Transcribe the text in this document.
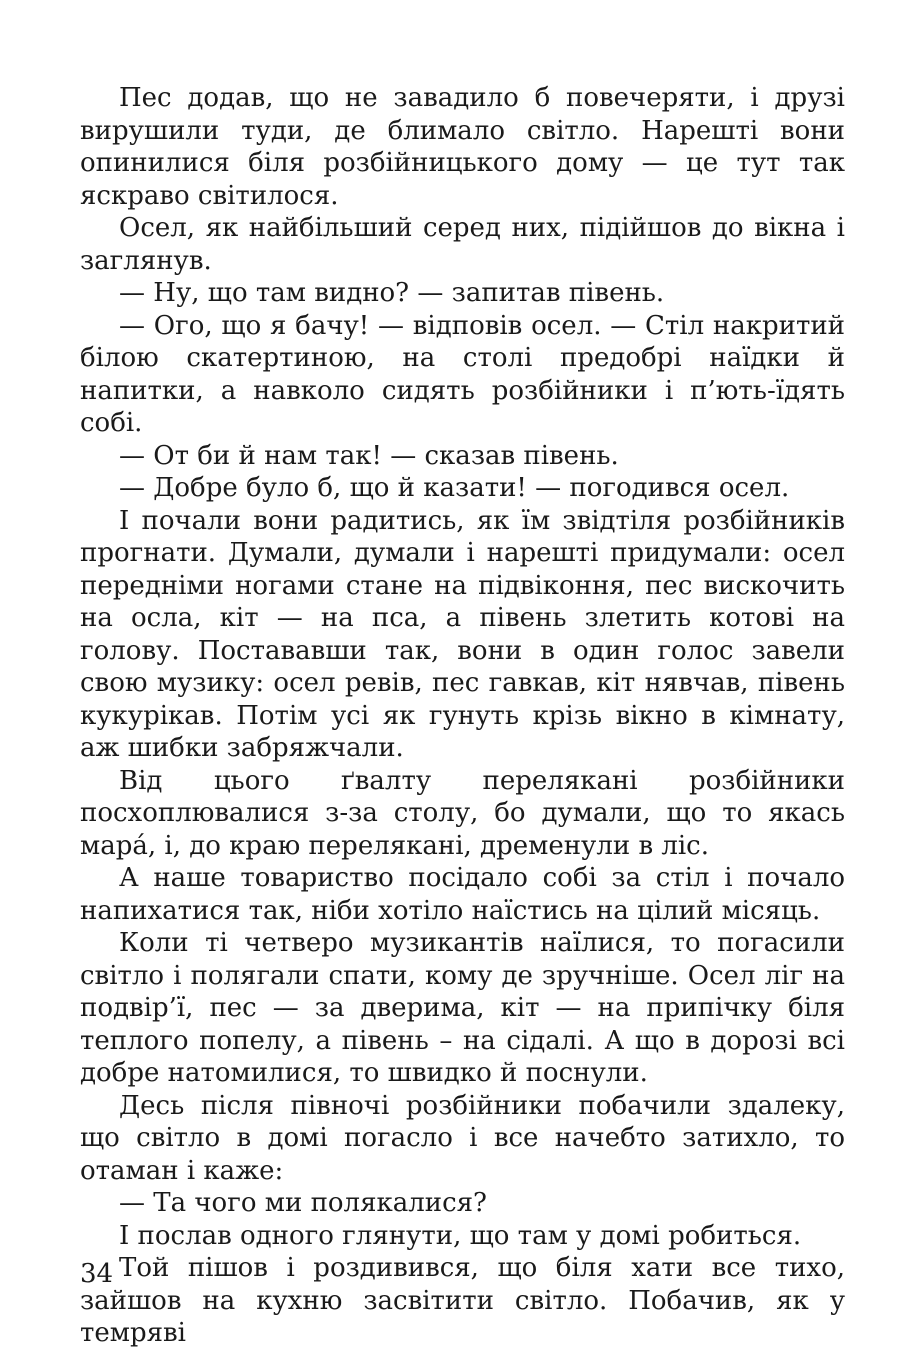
Пес додав, що не завадило б повечеряти, і друзі вирушили туди, де блимало світло. Нарешті вони опинилися біля розбійницького дому — це тут так яскраво світилося.

Осел, як найбільший серед них, підійшов до вікна і заглянув.

— Ну, що там видно? — запитав півень.

— Ого, що я бачу! — відповів осел. — Стіл накритий білою скатертиною, на столі предобрі наїдки й напитки, а навколо сидять розбійники і п’ють-їдять собі.

— От би й нам так! — сказав півень.

— Добре було б, що й казати! — погодився осел.

І почали вони радитись, як їм звідтіля розбійників прогнати. Думали, думали і нарешті придумали: осел передніми ногами стане на підвіконня, пес вискочить на осла, кіт — на пса, а півень злетить котові на голову. Постававши так, вони в один голос завели свою музику: осел ревів, пес гавкав, кіт нявчав, півень кукурікав. Потім усі як гунуть крізь вікно в кімнату, аж шибки забряжчали.

Від цього ґвалту перелякані розбійники посхоплювалися з-за столу, бо думали, що то якась мара́, і, до краю перелякані, дременули в ліс.

А наше товариство посідало собі за стіл і почало напихатися так, ніби хотіло наїстись на цілий місяць.

Коли ті четверо музикантів наїлися, то погасили світло і полягали спати, кому де зручніше. Осел ліг на подвір’ї, пес — за дверима, кіт — на припічку біля теплого попелу, а півень – на сідалі. А що в дорозі всі добре натомилися, то швидко й поснули.

Десь після півночі розбійники побачили здалеку, що світло в домі погасло і все начебто затихло, то отаман і каже:

— Та чого ми полякалися?

І послав одного глянути, що там у домі робиться.

Той пішов і роздивився, що біля хати все тихо, зайшов на кухню засвітити світло. Побачив, як у темряві

34
